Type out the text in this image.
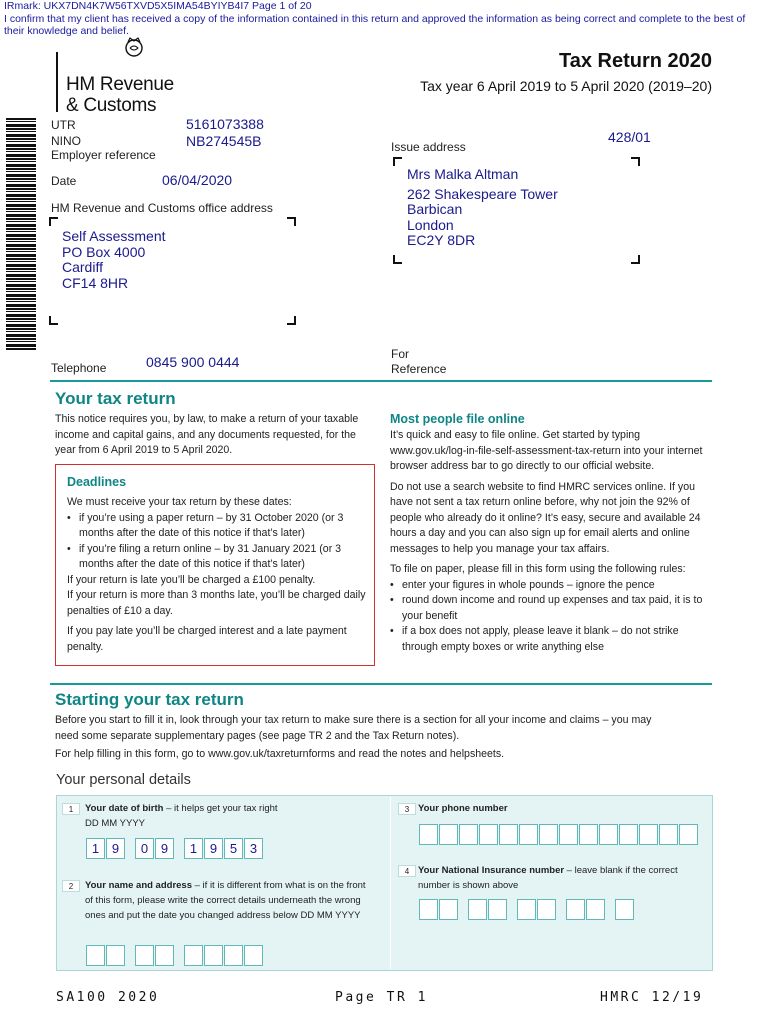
IRmark: UKX7DN4K7W56TXVD5X5IMA54BYIYB4I7 Page 1 of 20
I confirm that my client has received a copy of the information contained in this return and approved the information as being correct and complete to the best of their knowledge and belief.
HM Revenue
& Customs
Tax Return 2020
Tax year 6 April 2019 to 5 April 2020 (2019–20)
UTR	5161073388
NINO	NB274545B
Employer reference
Date	06/04/2020
HM Revenue and Customs office address
Self Assessment
PO Box 4000
Cardiff
CF14 8HR
Telephone	0845 900 0444
Issue address
428/01
Mrs Malka Altman
262 Shakespeare Tower
Barbican
London
EC2Y 8DR
For
Reference
Your tax return
This notice requires you, by law, to make a return of your taxable income and capital gains, and any documents requested, for the year from 6 April 2019 to 5 April 2020.
Deadlines
We must receive your tax return by these dates:
• if you’re using a paper return – by 31 October 2020 (or 3 months after the date of this notice if that’s later)
• if you’re filing a return online – by 31 January 2021 (or 3 months after the date of this notice if that’s later)
If your return is late you’ll be charged a £100 penalty.
If your return is more than 3 months late, you’ll be charged daily penalties of £10 a day.
If you pay late you’ll be charged interest and a late payment penalty.
Most people file online
It’s quick and easy to file online. Get started by typing www.gov.uk/log-in-file-self-assessment-tax-return into your internet browser address bar to go directly to our official website.
Do not use a search website to find HMRC services online. If you have not sent a tax return online before, why not join the 92% of people who already do it online? It’s easy, secure and available 24 hours a day and you can also sign up for email alerts and online messages to help you manage your tax affairs.
To file on paper, please fill in this form using the following rules:
• enter your figures in whole pounds – ignore the pence
• round down income and round up expenses and tax paid, it is to your benefit
• if a box does not apply, please leave it blank – do not strike through empty boxes or write anything else
Starting your tax return
Before you start to fill it in, look through your tax return to make sure there is a section for all your income and claims – you may need some separate supplementary pages (see page TR 2 and the Tax Return notes).
For help filling in this form, go to www.gov.uk/taxreturnforms and read the notes and helpsheets.
Your personal details
1	Your date of birth – it helps get your tax right
DD MM YYYY
1 9	0 9	1 9 5 3
2	Your name and address – if it is different from what is on the front of this form, please write the correct details underneath the wrong ones and put the date you changed address below DD MM YYYY
3 Your phone number
4 Your National Insurance number – leave blank if the correct number is shown above
SA100 2020	Page TR 1	HMRC 12/19
